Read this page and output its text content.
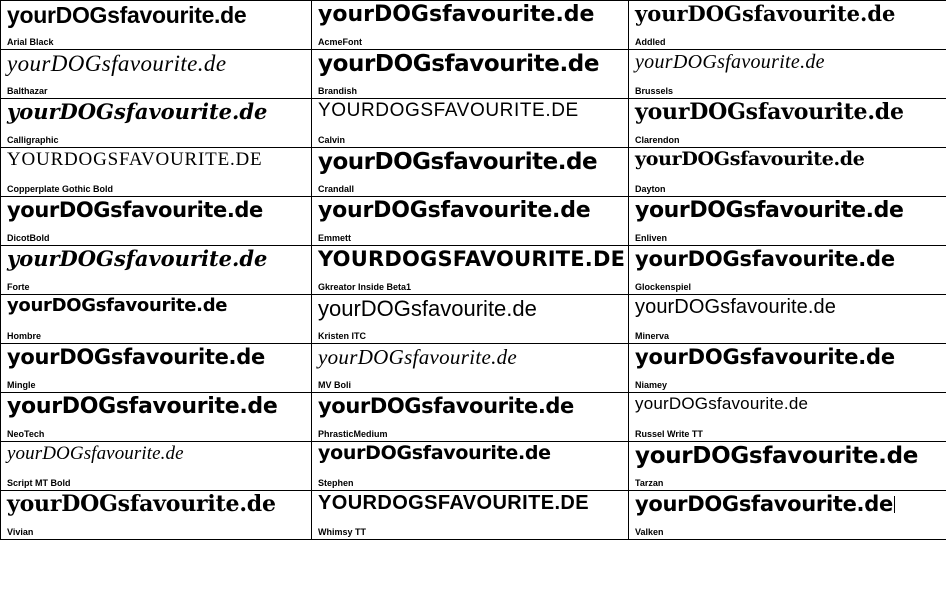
yourDOGsfavourite.de
Arial Black
yourDOGsfavourite.de
AcmeFont
yourDOGsfavourite.de
Addled
yourDOGsfavourite.de
Balthazar
yourDOGsfavourite.de
Brandish
yourDOGsfavourite.de
Brussels
yourDOGsfavourite.de
Calligraphic
YOURDOGSFAVOURITE.DE
Calvin
yourDOGsfavourite.de
Clarendon
YOURDOGSFAVOURITE.DE
Copperplate Gothic Bold
yourDOGsfavourite.de
Crandall
yourDOGsfavourite.de
Dayton
yourDOGsfavourite.de
DicotBold
yourDOGsfavourite.de
Emmett
yourDOGsfavourite.de
Enliven
yourDOGsfavourite.de
Forte
YOURDOGSFAVOURITE.DE
Gkreator Inside Beta1
yourDOGsfavourite.de
Glockenspiel
yourDOGsfavourite.de
Hombre
yourDOGsfavourite.de
Kristen ITC
yourDOGsfavourite.de
Minerva
yourDOGsfavourite.de
Mingle
yourDOGsfavourite.de
MV Boli
yourDOGsfavourite.de
Niamey
yourDOGsfavourite.de
NeoTech
yourDOGsfavourite.de
PhrasticMedium
yourDOGsfavourite.de
Russel Write TT
yourDOGsfavourite.de
Script MT Bold
yourDOGsfavourite.de
Stephen
yourDOGsfavourite.de
Tarzan
yourDOGsfavourite.de
Vivian
YOURDOGSFAVOURITE.DE
Whimsy TT
yourDOGsfavourite.de
Valken
